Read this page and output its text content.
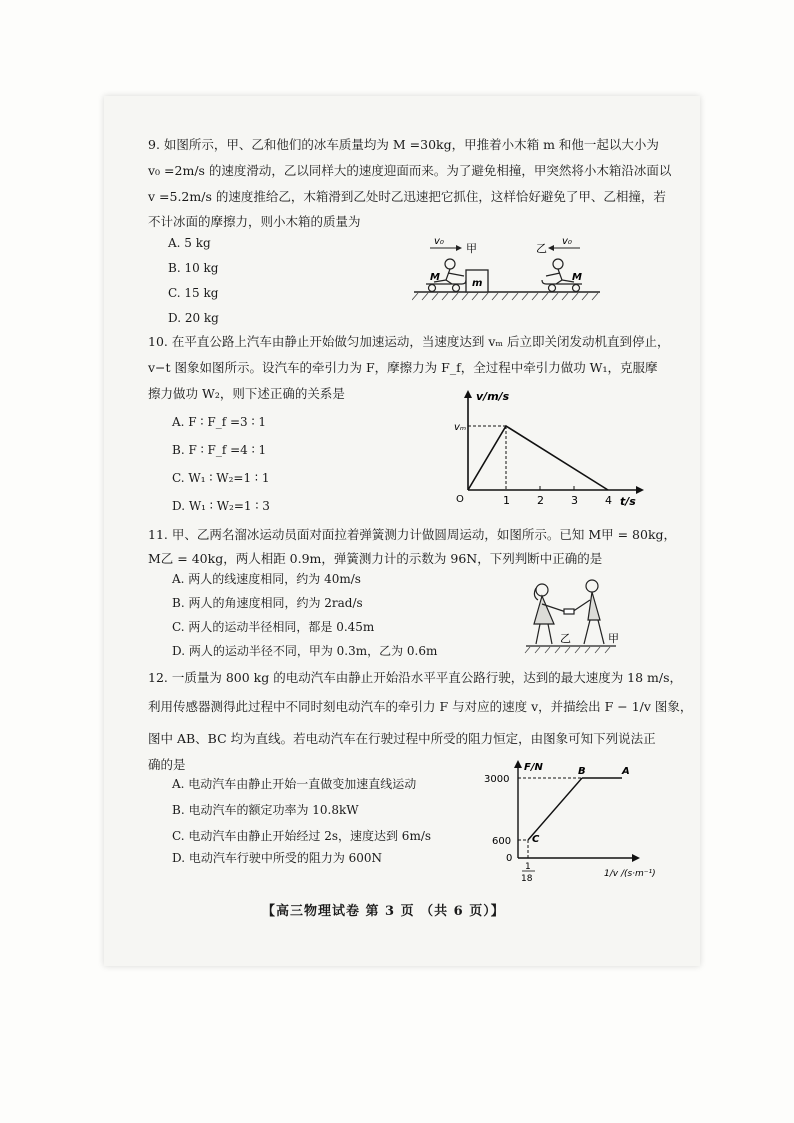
9. 如图所示，甲、乙和他们的冰车质量均为 M =30kg，甲推着小木箱 m 和他一起以大小为
v₀ =2m/s 的速度滑动，乙以同样大的速度迎面而来。为了避免相撞，甲突然将小木箱沿冰面以
v =5.2m/s 的速度推给乙，木箱滑到乙处时乙迅速把它抓住，这样恰好避免了甲、乙相撞，若
不计冰面的摩擦力，则小木箱的质量为
A. 5 kg
B. 10 kg
C. 15 kg
D. 20 kg
v₀
甲	乙
v₀
M
m
M
10. 在平直公路上汽车由静止开始做匀加速运动，当速度达到 vₘ 后立即关闭发动机直到停止，
v−t 图象如图所示。设汽车的牵引力为 F，摩擦力为 F_f，全过程中牵引力做功 W₁，克服摩
擦力做功 W₂，则下述正确的关系是
A. F ∶ F_f =3 ∶ 1
B. F ∶ F_f =4 ∶ 1
C. W₁ ∶ W₂=1 ∶ 1
D. W₁ ∶ W₂=1 ∶ 3
v/m/s
vₘ
O	1 2 3 4 t/s
11. 甲、乙两名溜冰运动员面对面拉着弹簧测力计做圆周运动，如图所示。已知 M甲 = 80kg，
M乙 = 40kg，两人相距 0.9m，弹簧测力计的示数为 96N，下列判断中正确的是
A. 两人的线速度相同，约为 40m/s
B. 两人的角速度相同，约为 2rad/s
C. 两人的运动半径相同，都是 0.45m
D. 两人的运动半径不同，甲为 0.3m，乙为 0.6m
乙	甲
12. 一质量为 800 kg 的电动汽车由静止开始沿水平平直公路行驶，达到的最大速度为 18 m/s，
利用传感器测得此过程中不同时刻电动汽车的牵引力 F 与对应的速度 v，并描绘出 F − 1/v 图象，
图中 AB、BC 均为直线。若电动汽车在行驶过程中所受的阻力恒定，由图象可知下列说法正
确的是
A. 电动汽车由静止开始一直做变加速直线运动
B. 电动汽车的额定功率为 10.8kW
C. 电动汽车由静止开始经过 2s，速度达到 6m/s
D. 电动汽车行驶中所受的阻力为 600N
F/N
3000
600
0
B	A
C
1
18	1/v /(s·m⁻¹)
【高三物理试卷 第 3 页 （共 6 页）】
